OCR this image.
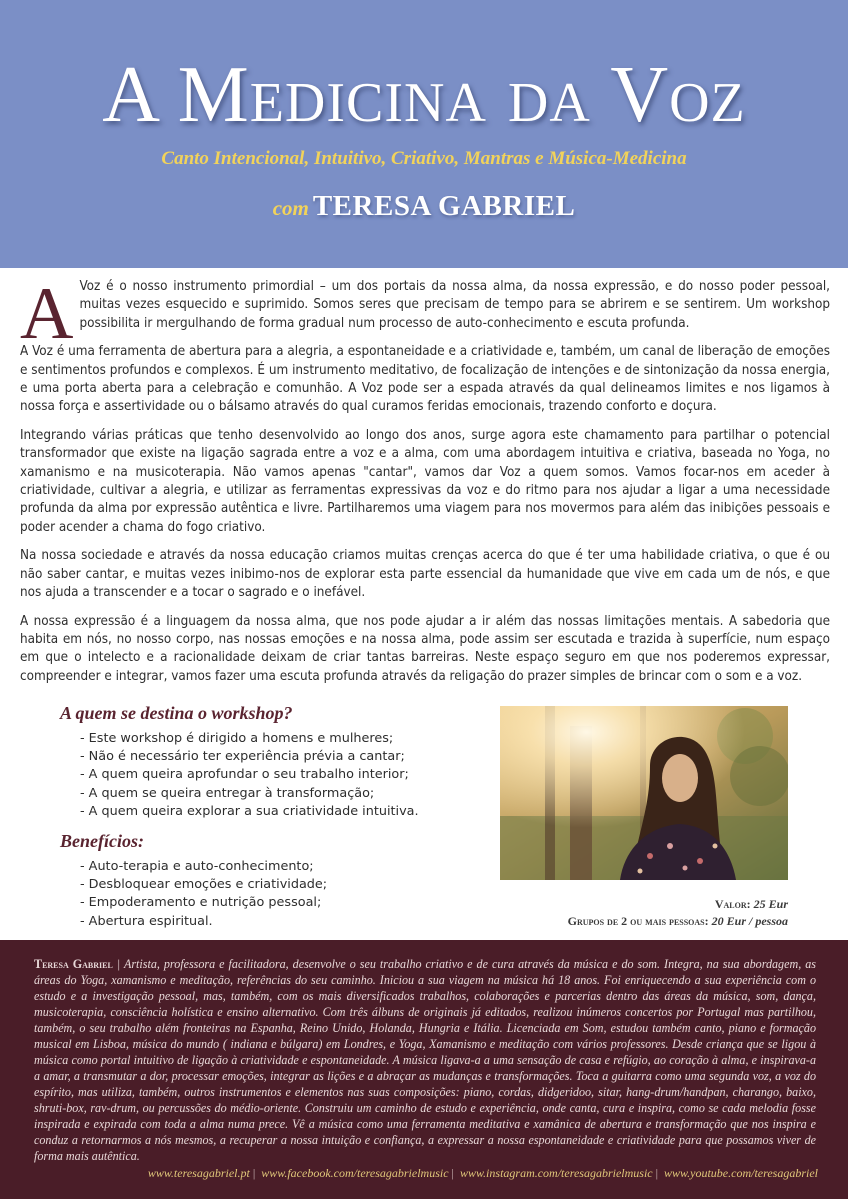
A Medicina da Voz

Canto Intencional, Intuitivo, Criativo, Mantras e Música-Medicina

com TERESA GABRIEL

A Voz é o nosso instrumento primordial – um dos portais da nossa alma, da nossa expressão, e do nosso poder pessoal, muitas vezes esquecido e suprimido. Somos seres que precisam de tempo para se abrirem e se sentirem. Um workshop possibilita ir mergulhando de forma gradual num processo de auto-conhecimento e escuta profunda.

A Voz é uma ferramenta de abertura para a alegria, a espontaneidade e a criatividade e, também, um canal de liberação de emoções e sentimentos profundos e complexos. É um instrumento meditativo, de focalização de intenções e de sintonização da nossa energia, e uma porta aberta para a celebração e comunhão. A Voz pode ser a espada através da qual delineamos limites e nos ligamos à nossa força e assertividade ou o bálsamo através do qual curamos feridas emocionais, trazendo conforto e doçura.

Integrando várias práticas que tenho desenvolvido ao longo dos anos, surge agora este chamamento para partilhar o potencial transformador que existe na ligação sagrada entre a voz e a alma, com uma abordagem intuitiva e criativa, baseada no Yoga, no xamanismo e na musicoterapia. Não vamos apenas "cantar", vamos dar Voz a quem somos. Vamos focar-nos em aceder à criatividade, cultivar a alegria, e utilizar as ferramentas expressivas da voz e do ritmo para nos ajudar a ligar a uma necessidade profunda da alma por expressão autêntica e livre. Partilharemos uma viagem para nos movermos para além das inibições pessoais e poder acender a chama do fogo criativo.

Na nossa sociedade e através da nossa educação criamos muitas crenças acerca do que é ter uma habilidade criativa, o que é ou não saber cantar, e muitas vezes inibimo-nos de explorar esta parte essencial da humanidade que vive em cada um de nós, e que nos ajuda a transcender e a tocar o sagrado e o inefável.

A nossa expressão é a linguagem da nossa alma, que nos pode ajudar a ir além das nossas limitações mentais. A sabedoria que habita em nós, no nosso corpo, nas nossas emoções e na nossa alma, pode assim ser escutada e trazida à superfície, num espaço em que o intelecto e a racionalidade deixam de criar tantas barreiras. Neste espaço seguro em que nos poderemos expressar, compreender e integrar, vamos fazer uma escuta profunda através da religação do prazer simples de brincar com o som e a voz.

A quem se destina o workshop?
- Este workshop é dirigido a homens e mulheres;
- Não é necessário ter experiência prévia a cantar;
- A quem queira aprofundar o seu trabalho interior;
- A quem se queira entregar à transformação;
- A quem queira explorar a sua criatividade intuitiva.
Benefícios:
- Auto-terapia e auto-conhecimento;
- Desbloquear emoções e criatividade;
- Empoderamento e nutrição pessoal;
- Abertura espiritual.
Valor: 25 Eur
Grupos de 2 ou mais pessoas: 20 Eur / pessoa

Teresa Gabriel | Artista, professora e facilitadora, desenvolve o seu trabalho criativo e de cura através da música e do som. Integra, na sua abordagem, as áreas do Yoga, xamanismo e meditação, referências do seu caminho. Iniciou a sua viagem na música há 18 anos. Foi enriquecendo a sua experiência com o estudo e a investigação pessoal, mas, também, com os mais diversificados trabalhos, colaborações e parcerias dentro das áreas da música, som, dança, musicoterapia, consciência holística e ensino alternativo. Com três álbuns de originais já editados, realizou inúmeros concertos por Portugal mas partilhou, também, o seu trabalho além fronteiras na Espanha, Reino Unido, Holanda, Hungria e Itália. Licenciada em Som, estudou também canto, piano e formação musical em Lisboa, música do mundo ( indiana e búlgara) em Londres, e Yoga, Xamanismo e meditação com vários professores. Desde criança que se ligou à música como portal intuitivo de ligação à criatividade e espontaneidade. A música ligava-a a uma sensação de casa e refúgio, ao coração à alma, e inspirava-a a amar, a transmutar a dor, processar emoções, integrar as lições e a abraçar as mudanças e transformações. Toca a guitarra como uma segunda voz, a voz do espírito, mas utiliza, também, outros instrumentos e elementos nas suas composições: piano, cordas, didgeridoo, sitar, hang-drum/handpan, charango, baixo, shruti-box, rav-drum, ou percussões do médio-oriente. Construiu um caminho de estudo e experiência, onde canta, cura e inspira, como se cada melodia fosse inspirada e expirada com toda a alma numa prece. Vê a música como uma ferramenta meditativa e xamânica de abertura e transformação que nos inspira e conduz a retornarmos a nós mesmos, a recuperar a nossa intuição e confiança, a expressar a nossa espontaneidade e criatividade para que possamos viver de forma mais autêntica.

www.teresagabriel.pt | www.facebook.com/teresagabrielmusic | www.instagram.com/teresagabrielmusic | www.youtube.com/teresagabriel
